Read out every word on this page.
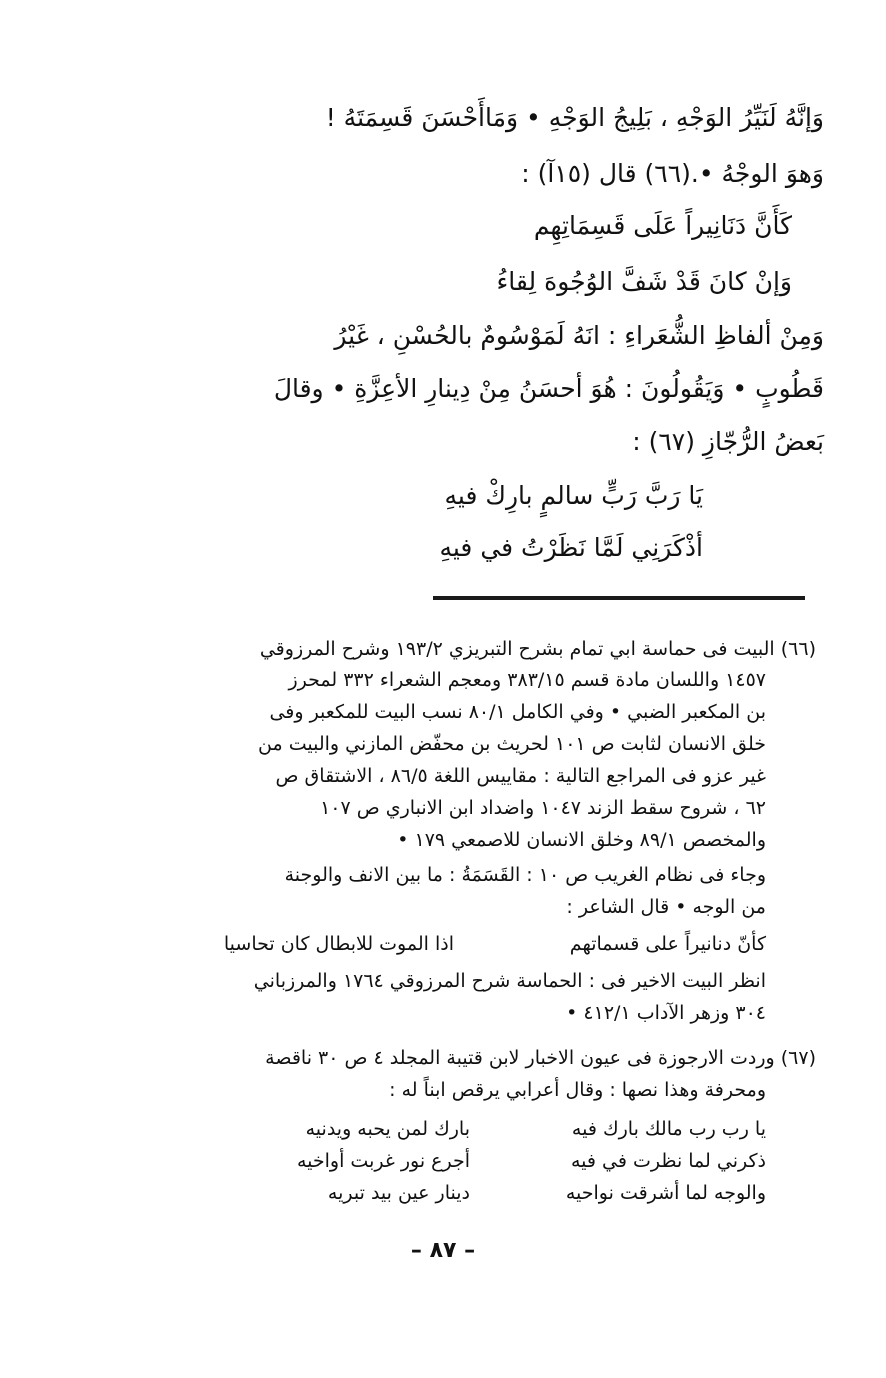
وَإنَّهُ لَنَيِّرُ الوَجْهِ ، بَلِيجُ الوَجْهِ • وَمَاأَحْسَنَ قَسِمَتَهُ !
وَهوَ الوجْهُ •.(٦٦) قال (١٥آ) :
كَأَنَّ دَنَانِيراً عَلَى قَسِمَاتِهِم
وَإنْ كانَ قَدْ شَفَّ الوُجُوهَ لِقاءُ
وَمِنْ ألفاظِ الشُّعَراءِ : انَهُ لَمَوْسُومٌ بالحُسْنِ ، غَيْرُ
قَطُوبٍ • وَيَقُولُونَ : هُوَ أحسَنُ مِنْ دِينارِ الأعِزَّةِ • وقالَ
بَعضُ الرُّجّازِ (٦٧) :
يَا رَبَّ رَبٍّ سالمٍ بارِكْ فيهِ
أذْكَرَنِي لَمَّا نَظَرْتُ في فيهِ
(٦٦) البيت فى حماسة ابي تمام بشرح التبريزي ١٩٣/٢ وشرح المرزوقي
١٤٥٧ واللسان مادة قسم ٣٨٣/١٥ ومعجم الشعراء ٣٣٢ لمحرز
بن المكعبر الضبي • وفي الكامل ٨٠/١ نسب البيت للمكعبر وفى
خلق الانسان لثابت ص ١٠١ لحريث بن محفّض المازني والبيت من
غير عزو فى المراجع التالية : مقاييس اللغة ٨٦/٥ ، الاشتقاق ص
٦٢ ، شروح سقط الزند ١٠٤٧ واضداد ابن الانباري ص ١٠٧
والمخصص ٨٩/١ وخلق الانسان للاصمعي ١٧٩ •
وجاء فى نظام الغريب ص ١٠ : القَسَمَةُ : ما بين الانف والوجنة
من الوجه • قال الشاعر :
كأنّ دنانيراً على قسماتهم
اذا الموت للابطال كان تحاسيا
انظر البيت الاخير فى : الحماسة شرح المرزوقي ١٧٦٤ والمرزباني
٣٠٤ وزهر الآداب ٤١٢/١ •
(٦٧) وردت الارجوزة فى عيون الاخبار لابن قتيبة المجلد ٤ ص ٣٠ ناقصة
ومحرفة وهذا نصها : وقال أعرابي يرقص ابناً له :
يا رب رب مالك بارك فيه
بارك لمن يحبه ويدنيه
ذكرني لما نظرت في فيه
أجرع نور غربت أواخيه
والوجه لما أشرقت نواحيه
دينار عين بيد تبريه
– ٨٧ –
